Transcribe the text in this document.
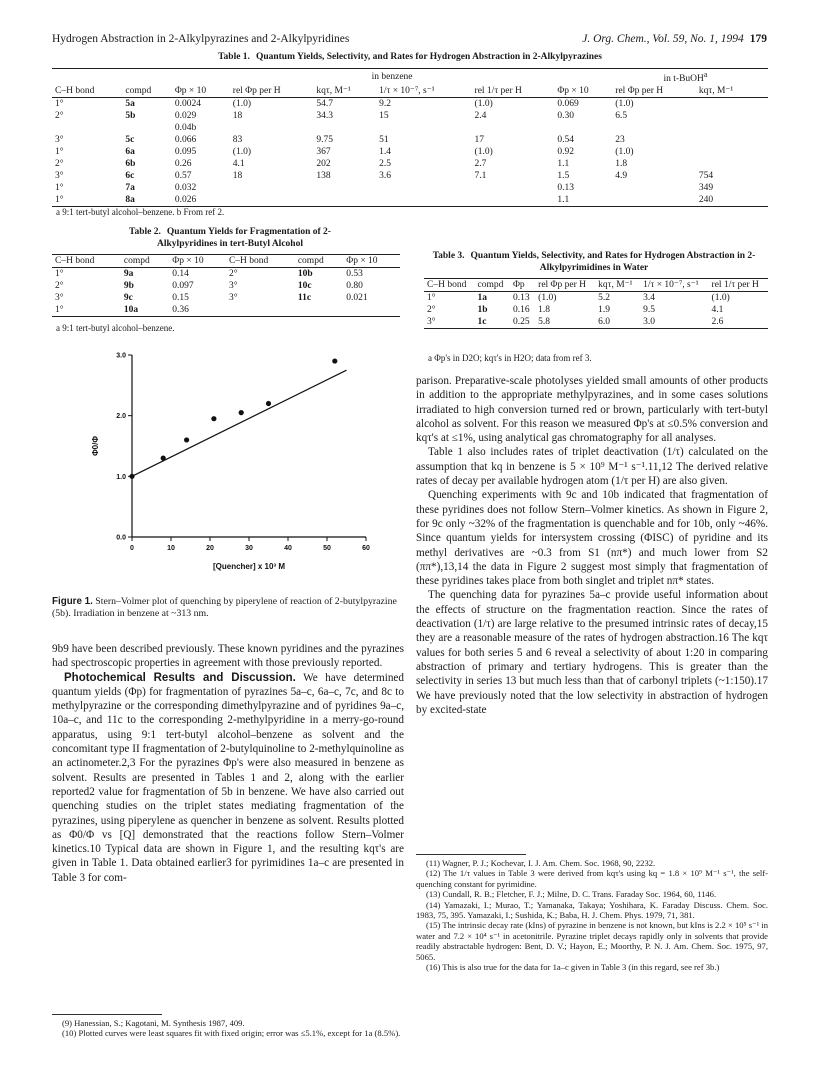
Hydrogen Abstraction in 2-Alkylpyrazines and 2-Alkylpyridines	J. Org. Chem., Vol. 59, No. 1, 1994 179
Table 1. Quantum Yields, Selectivity, and Rates for Hydrogen Abstraction in 2-Alkylpyrazines
		in benzene						in t-BuOH$^a$	
C–H bond	compd	Φp × 10	rel Φp per H	kqτ, M⁻¹	1/τ × 10⁻⁷, s⁻¹	rel 1/τ per H	Φp × 10	rel Φp per H	kqτ, M⁻¹	
1°	5a	0.0024	(1.0)	54.7	9.2	(1.0)	0.069	(1.0)		
2°	5b	0.029	18	34.3	15	2.4	0.30	6.5		
		0.04b								
3°	5c	0.066	83	9.75	51	17	0.54	23		
1°	6a	0.095	(1.0)	367	1.4	(1.0)	0.92	(1.0)		
2°	6b	0.26	4.1	202	2.5	2.7	1.1	1.8		
3°	6c	0.57	18	138	3.6	7.1	1.5	4.9	754	
1°	7a	0.032					0.13		349	
1°	8a	0.026					1.1		240	
a 9:1 tert-butyl alcohol–benzene. b From ref 2.
Table 2. Quantum Yields for Fragmentation of 2-Alkylpyridines in tert-Butyl Alcohol
C–H bond	compd	Φp × 10	C–H bond	compd	Φp × 10
1°	9a	0.14	2°	10b	0.53
2°	9b	0.097	3°	10c	0.80
3°	9c	0.15	3°	11c	0.021
1°	10a	0.36			
a 9:1 tert-butyl alcohol–benzene.
0	10	20	30	40	50	60
0.0
1.0
2.0
3.0
[Quencher] x 10³ M
Φ0/Φ
Figure 1. Stern–Volmer plot of quenching by piperylene of reaction of 2-butylpyrazine (5b). Irradiation in benzene at ~313 nm.

9b9 have been described previously. These known pyridines and the pyrazines had spectroscopic properties in agreement with those previously reported.

Photochemical Results and Discussion. We have determined quantum yields (Φp) for fragmentation of pyrazines 5a–c, 6a–c, 7c, and 8c to methylpyrazine or the corresponding dimethylpyrazine and of pyridines 9a–c, 10a–c, and 11c to the corresponding 2-methylpyridine in a merry-go-round apparatus, using 9:1 tert-butyl alcohol–benzene as solvent and the concomitant type II fragmentation of 2-butylquinoline to 2-methylquinoline as an actinometer.2,3 For the pyrazines Φp's were also measured in benzene as solvent. Results are presented in Tables 1 and 2, along with the earlier reported2 value for fragmentation of 5b in benzene. We have also carried out quenching studies on the triplet states mediating fragmentation of the pyrazines, using piperylene as quencher in benzene as solvent. Results plotted as Φ0/Φ vs [Q] demonstrated that the reactions follow Stern–Volmer kinetics.10 Typical data are shown in Figure 1, and the resulting kqτ's are given in Table 1. Data obtained earlier3 for pyrimidines 1a–c are presented in Table 3 for com-

(9) Hanessian, S.; Kagotani, M. Synthesis 1987, 409.
(10) Plotted curves were least squares fit with fixed origin; error was ≤5.1%, except for 1a (8.5%).
Table 3. Quantum Yields, Selectivity, and Rates for Hydrogen Abstraction in 2-Alkylpyrimidines in Water
C–H bond	compd	Φp	rel Φp per H	kqτ, M⁻¹	1/τ × 10⁻⁷, s⁻¹	rel 1/τ per H
1°	1a	0.13	(1.0)	5.2	3.4	(1.0)
2°	1b	0.16	1.8	1.9	9.5	4.1
3°	1c	0.25	5.8	6.0	3.0	2.6
a Φp's in D2O; kqτ's in H2O; data from ref 3.

parison. Preparative-scale photolyses yielded small amounts of other products in addition to the appropriate methylpyrazines, and in some cases solutions irradiated to high conversion turned red or brown, particularly with tert-butyl alcohol as solvent. For this reason we measured Φp's at ≤0.5% conversion and kqτ's at ≤1%, using analytical gas chromatography for all analyses.

Table 1 also includes rates of triplet deactivation (1/τ) calculated on the assumption that kq in benzene is 5 × 10⁹ M⁻¹ s⁻¹.11,12 The derived relative rates of decay per available hydrogen atom (1/τ per H) are also given.

Quenching experiments with 9c and 10b indicated that fragmentation of these pyridines does not follow Stern–Volmer kinetics. As shown in Figure 2, for 9c only ~32% of the fragmentation is quenchable and for 10b, only ~46%. Since quantum yields for intersystem crossing (ΦISC) of pyridine and its methyl derivatives are ~0.3 from S1 (nπ*) and much lower from S2 (ππ*),13,14 the data in Figure 2 suggest most simply that fragmentation of these pyridines takes place from both singlet and triplet nπ* states.

The quenching data for pyrazines 5a–c provide useful information about the effects of structure on the fragmentation reaction. Since the rates of deactivation (1/τ) are large relative to the presumed intrinsic rates of decay,15 they are a reasonable measure of the rates of hydrogen abstraction.16 The kqτ values for both series 5 and 6 reveal a selectivity of about 1:20 in comparing abstraction of primary and tertiary hydrogens. This is greater than the selectivity in series 13 but much less than that of carbonyl triplets (~1:150).17 We have previously noted that the low selectivity in abstraction of hydrogen by excited-state

(11) Wagner, P. J.; Kochevar, I. J. Am. Chem. Soc. 1968, 90, 2232.
(12) The 1/τ values in Table 3 were derived from kqτ's using kq = 1.8 × 10⁹ M⁻¹ s⁻¹, the self-quenching constant for pyrimidine.
(13) Cundall, R. B.; Fletcher, F. J.; Milne, D. C. Trans. Faraday Soc. 1964, 60, 1146.
(14) Yamazaki, I.; Murao, T.; Yamanaka, Takaya; Yoshihara, K. Faraday Discuss. Chem. Soc. 1983, 75, 395. Yamazaki, I.; Sushida, K.; Baba, H. J. Chem. Phys. 1979, 71, 381.
(15) The intrinsic decay rate (kIns) of pyrazine in benzene is not known, but kIns is 2.2 × 10⁵ s⁻¹ in water and 7.2 × 10⁴ s⁻¹ in acetonitrile. Pyrazine triplet decays rapidly only in solvents that provide readily abstractable hydrogen: Bent, D. V.; Hayon, E.; Moorthy, P. N. J. Am. Chem. Soc. 1975, 97, 5065.
(16) This is also true for the data for 1a–c given in Table 3 (in this regard, see ref 3b.)
